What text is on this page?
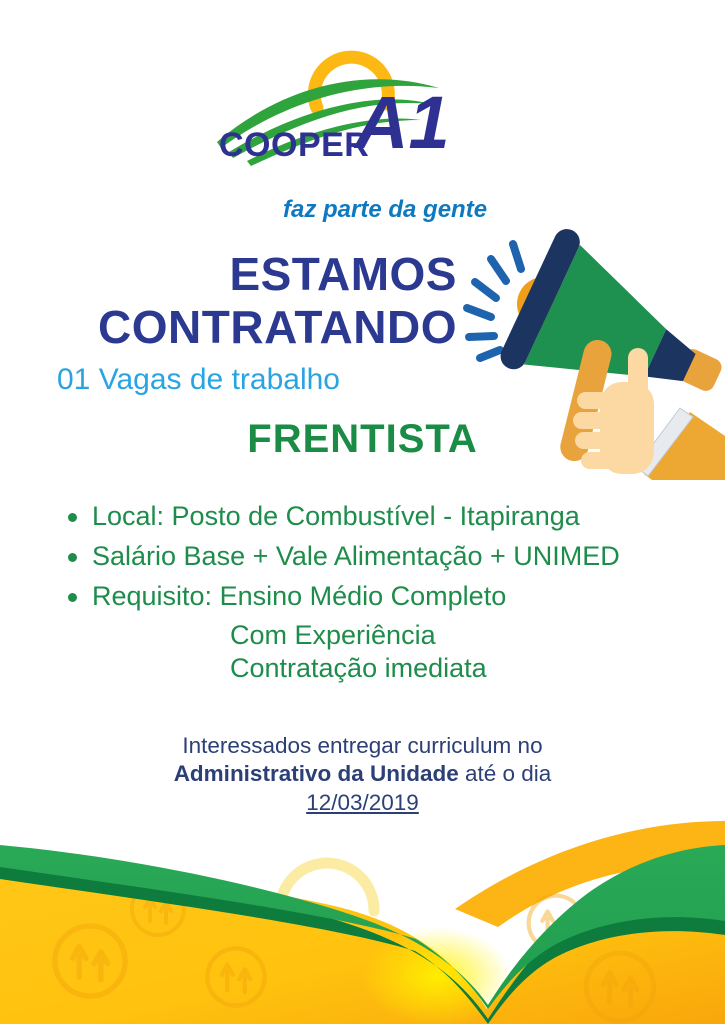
COOPER
A1
faz parte da gente
ESTAMOS
CONTRATANDO
01 Vagas de trabalho
FRENTISTA
Local: Posto de Combustível - Itapiranga
Salário Base + Vale Alimentação + UNIMED
Requisito: Ensino Médio Completo
Com Experiência
Contratação imediata
Interessados entregar curriculum no
Administrativo da Unidade até o dia
12/03/2019
